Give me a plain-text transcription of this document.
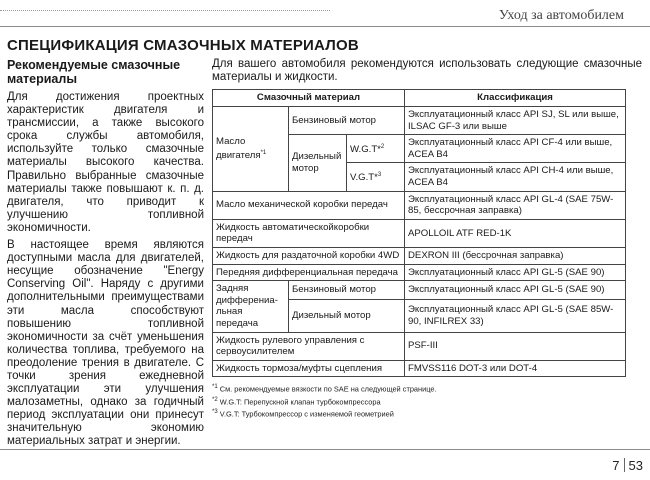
Уход за автомобилем
СПЕЦИФИКАЦИЯ СМАЗОЧНЫХ МАТЕРИАЛОВ
Рекомендуемые смазочные материалы

Для достижения проектных характеристик двигателя и трансмиссии, а также высокого срока службы автомобиля, используйте только смазочные материалы высокого качества. Правильно выбранные смазочные материалы также повышают к. п. д. двигателя, что приводит к улучшению топливной экономичности.

В настоящее время являются доступными масла для двигателей, несущие обозначение "Energy Conserving Oil". Наряду с другими дополнительными преимуществами эти масла способствуют повышению топливной экономичности за счёт уменьшения количества топлива, требуемого на преодоление трения в двигателе. С точки зрения ежедневной эксплуатации эти улучшения малозаметны, однако за годичный период эксплуатации они принесут значительную экономию материальных затрат и энергии.

Для вашего автомобиля рекомендуются использовать следующие смазочные материалы и жидкости.

Смазочный материал			Классификация
Масло двигателя$^{*1}$	Бензиновый мотор		Эксплуатационный класс API SJ, SL или выше, ILSAC GF-3 или выше
	Дизельный мотор	W.G.T*$^2$	Эксплуатационный класс API CF-4 или выше, ACEA B4
		V.G.T*$^3$	Эксплуатационный класс API CH-4 или выше, ACEA B4
Масло механической коробки передач			Эксплуатационный класс API GL-4 (SAE 75W-85, бессрочная заправка)
Жидкость автоматическойкоробки передач			APOLLOIL ATF RED-1K
Жидкость для раздаточной коробки 4WD			DEXRON III (бессрочная заправка)
Передняя дифференциальная передача			Эксплуатационный класс API GL-5 (SAE 90)
Задняя дифферениа-льная передача	Бензиновый мотор		Эксплуатационный класс API GL-5 (SAE 90)
	Дизельный мотор		Эксплуатационный класс API GL-5 (SAE 85W-90, INFILREX 33)
Жидкость рулевого управления с сервоусилителем			PSF-III
Жидкость тормоза/муфты сцепления			FMVSS116 DOT-3 или DOT-4
$^{*1}$ См. рекомендуемые вязкости по SAE на следующей странице.
$^{*2}$ W.G.T: Перепускной клапан турбокомпрессора
$^{*3}$ V.G.T: Турбокомпрессор с изменяемой геометрией
7 53
